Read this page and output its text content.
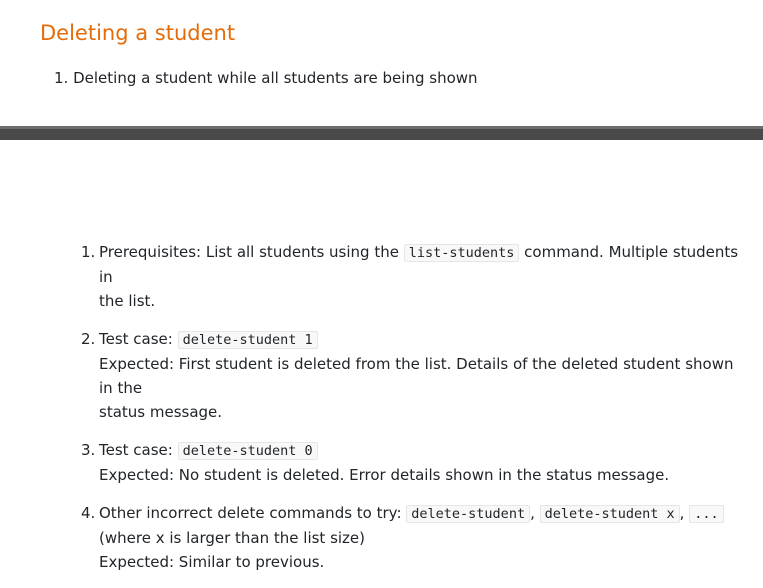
Deleting a student
1. Deleting a student while all students are being shown
1. Prerequisites: List all students using the list-students command. Multiple students in
the list.
2. Test case: delete-student 1
Expected: First student is deleted from the list. Details of the deleted student shown in the
status message.
3. Test case: delete-student 0
Expected: No student is deleted. Error details shown in the status message.
4. Other incorrect delete commands to try: delete-student , delete-student x , ...
(where x is larger than the list size)
Expected: Similar to previous.
